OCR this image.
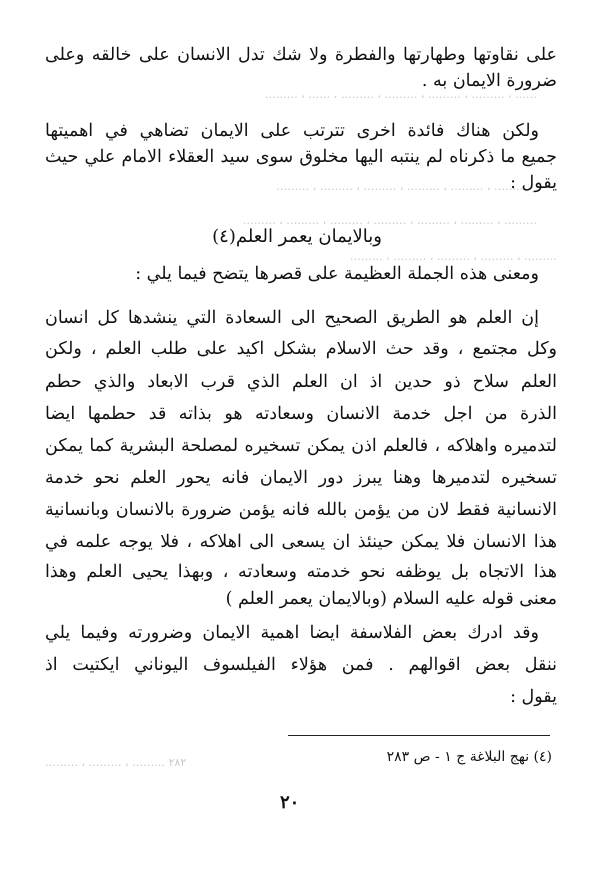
…… ، ……… ، ……… ، ……… ، ……… ، …… ، ………
……… ، ……… ، ……… ، ……… ، ……… ، ………
……… ، ……… ، ……… ، ……… ، ……… ، ……… ، ………
……… ، ……… ، ……… ، ……… ، ………
……… ، ……… ، ……… ٢٨٢
على نقاوتها وطهارتها والفطرة ولا شك تدل الانسان على خالقه وعلى
ضرورة الايمان به .
ولكن هناك فائدة اخرى تترتب على الايمان تضاهي في اهميتها
جميع ما ذكرناه لم ينتبه اليها مخلوق سوى سيد العقلاء الامام علي حيث
يقول :
وبالايمان يعمر العلم(٤)
ومعنى هذه الجملة العظيمة على قصرها يتضح فيما يلي :
إن العلم هو الطريق الصحيح الى السعادة التي ينشدها كل انسان
وكل مجتمع ، وقد حث الاسلام بشكل اكيد على طلب العلم ، ولكن
العلم سلاح ذو حدين اذ ان العلم الذي قرب الابعاد والذي حطم
الذرة من اجل خدمة الانسان وسعادته هو بذاته قد حطمها ايضا
لتدميره واهلاكه ، فالعلم اذن يمكن تسخيره لمصلحة البشرية كما يمكن
تسخيره لتدميرها وهنا يبرز دور الايمان فانه يحور العلم نحو خدمة
الانسانية فقط لان من يؤمن بالله فانه يؤمن ضرورة بالانسان وبانسانية
هذا الانسان فلا يمكن حينئذ ان يسعى الى اهلاكه ، فلا يوجه علمه في
هذا الاتجاه بل يوظفه نحو خدمته وسعادته ، وبهذا يحيى العلم وهذا
معنى قوله عليه السلام (وبالايمان يعمر العلم )
وقد ادرك بعض الفلاسفة ايضا اهمية الايمان وضرورته وفيما يلي
ننقل بعض اقوالهم . فمن هؤلاء الفيلسوف اليوناني ايكتيت اذ
يقول :
(٤) نهج البلاغة ج ١ - ص ٢٨٣
٢٠
